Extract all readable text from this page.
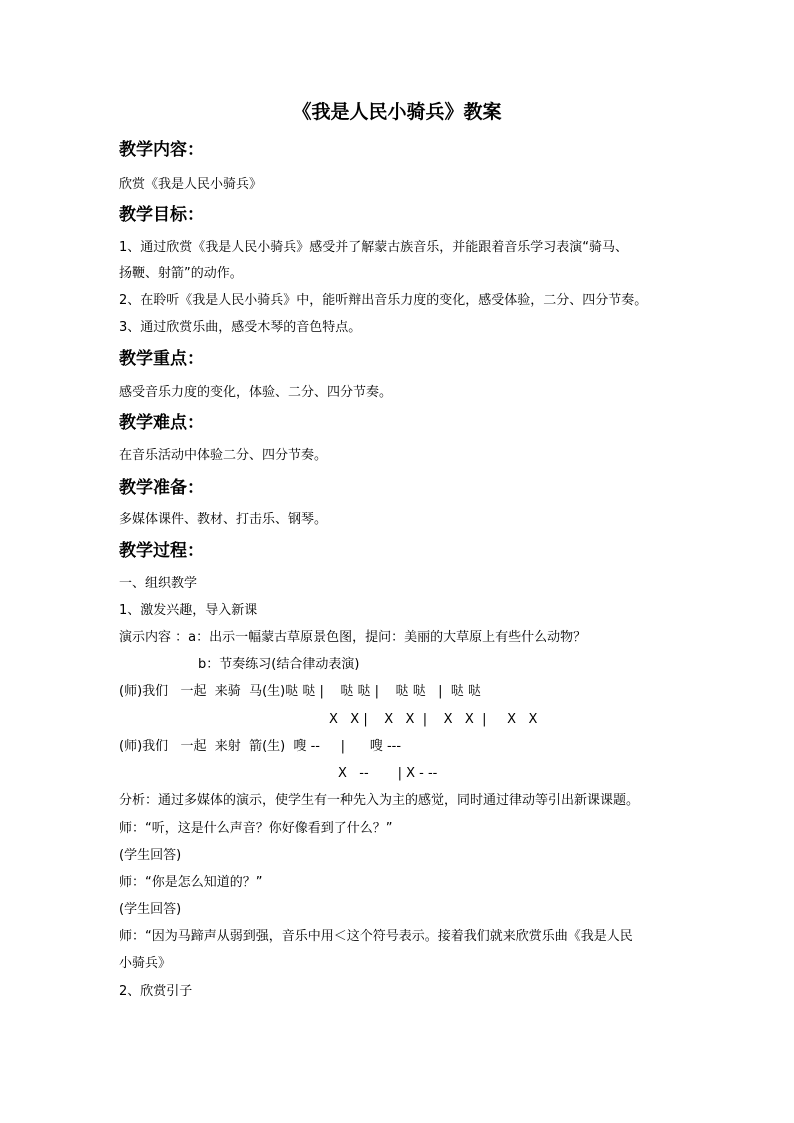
《我是人民小骑兵》教案
教学内容：
欣赏《我是人民小骑兵》
教学目标：
1、通过欣赏《我是人民小骑兵》感受并了解蒙古族音乐，并能跟着音乐学习表演“骑马、
扬鞭、射箭”的动作。
2、在聆听《我是人民小骑兵》中，能听辩出音乐力度的变化，感受体验，二分、四分节奏。
3、通过欣赏乐曲，感受木琴的音色特点。
教学重点：
感受音乐力度的变化，体验、二分、四分节奏。
教学难点：
在音乐活动中体验二分、四分节奏。
教学准备：
多媒体课件、教材、打击乐、钢琴。
教学过程：
一、组织教学
1、激发兴趣，导入新课
演示内容 ：a：出示一幅蒙古草原景色图，提问：美丽的大草原上有些什么动物？
b：节奏练习(结合律动表演)
(师)我们   一起  来骑  马(生)哒 哒 |    哒 哒 |    哒 哒   |  哒 哒
X   X |    X   X  |    X   X  |     X   X
(师)我们   一起  来射  箭(生)  嗖 --     |      嗖 ---
X   --       | X - --
分析：通过多媒体的演示，使学生有一种先入为主的感觉，同时通过律动等引出新课课题。
师：“听，这是什么声音？你好像看到了什么？”
(学生回答)
师：“你是怎么知道的？”
(学生回答)
师：“因为马蹄声从弱到强，音乐中用＜这个符号表示。接着我们就来欣赏乐曲《我是人民
小骑兵》
2、欣赏引子
